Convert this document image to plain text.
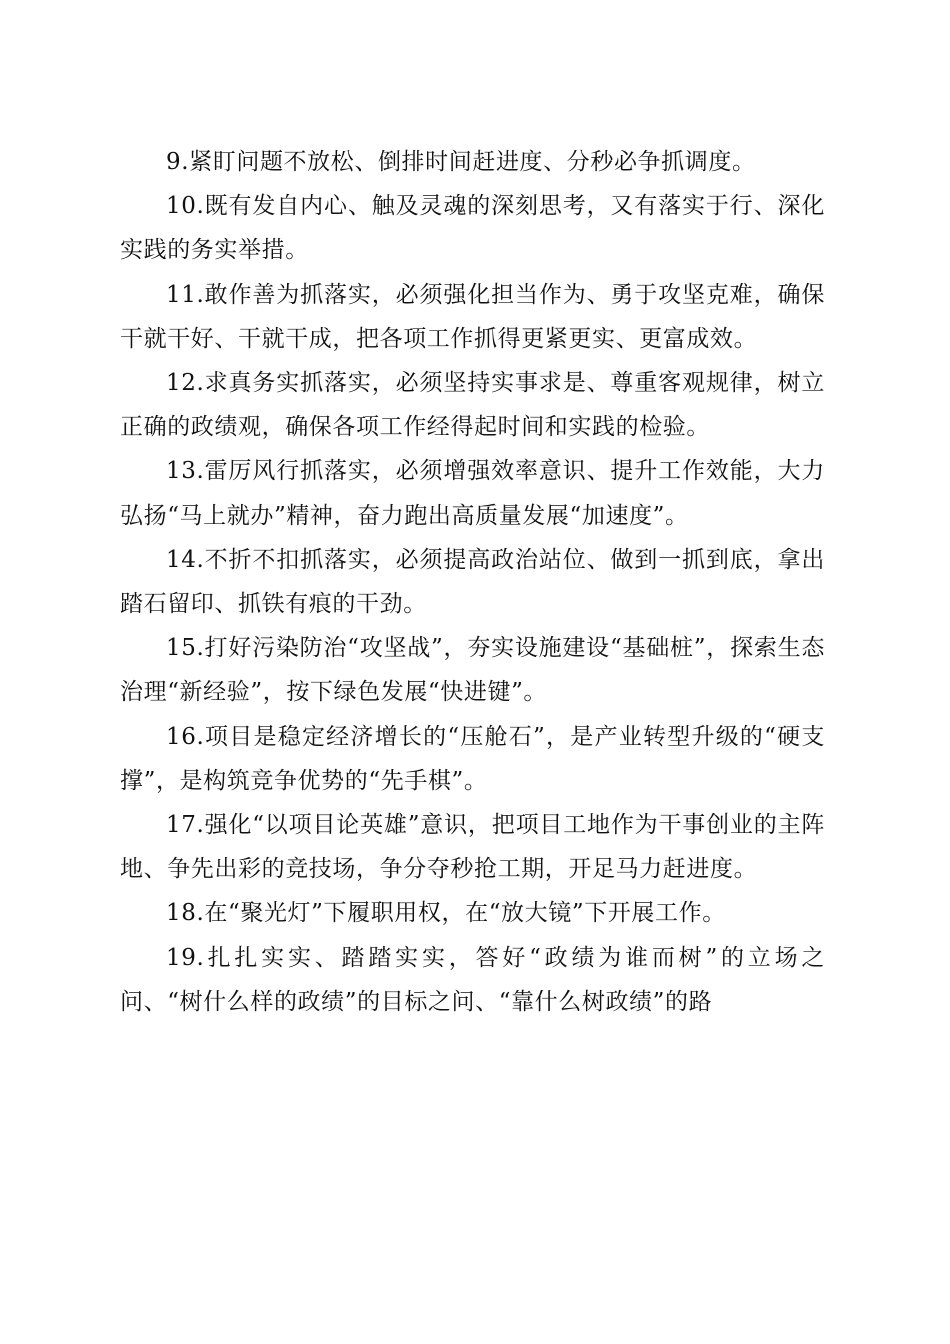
9.紧盯问题不放松、倒排时间赶进度、分秒必争抓调度。

10.既有发自内心、触及灵魂的深刻思考，又有落实于行、深化实践的务实举措。

11.敢作善为抓落实，必须强化担当作为、勇于攻坚克难，确保干就干好、干就干成，把各项工作抓得更紧更实、更富成效。

12.求真务实抓落实，必须坚持实事求是、尊重客观规律，树立正确的政绩观，确保各项工作经得起时间和实践的检验。

13.雷厉风行抓落实，必须增强效率意识、提升工作效能，大力弘扬“马上就办”精神，奋力跑出高质量发展“加速度”。

14.不折不扣抓落实，必须提高政治站位、做到一抓到底，拿出踏石留印、抓铁有痕的干劲。

15.打好污染防治“攻坚战”，夯实设施建设“基础桩”，探索生态治理“新经验”，按下绿色发展“快进键”。

16.项目是稳定经济增长的“压舱石”，是产业转型升级的“硬支撑”，是构筑竞争优势的“先手棋”。

17.强化“以项目论英雄”意识，把项目工地作为干事创业的主阵地、争先出彩的竞技场，争分夺秒抢工期，开足马力赶进度。

18.在“聚光灯”下履职用权，在“放大镜”下开展工作。

19.扎扎实实、踏踏实实，答好“政绩为谁而树”的立场之问、“树什么样的政绩”的目标之问、“靠什么树政绩”的路
